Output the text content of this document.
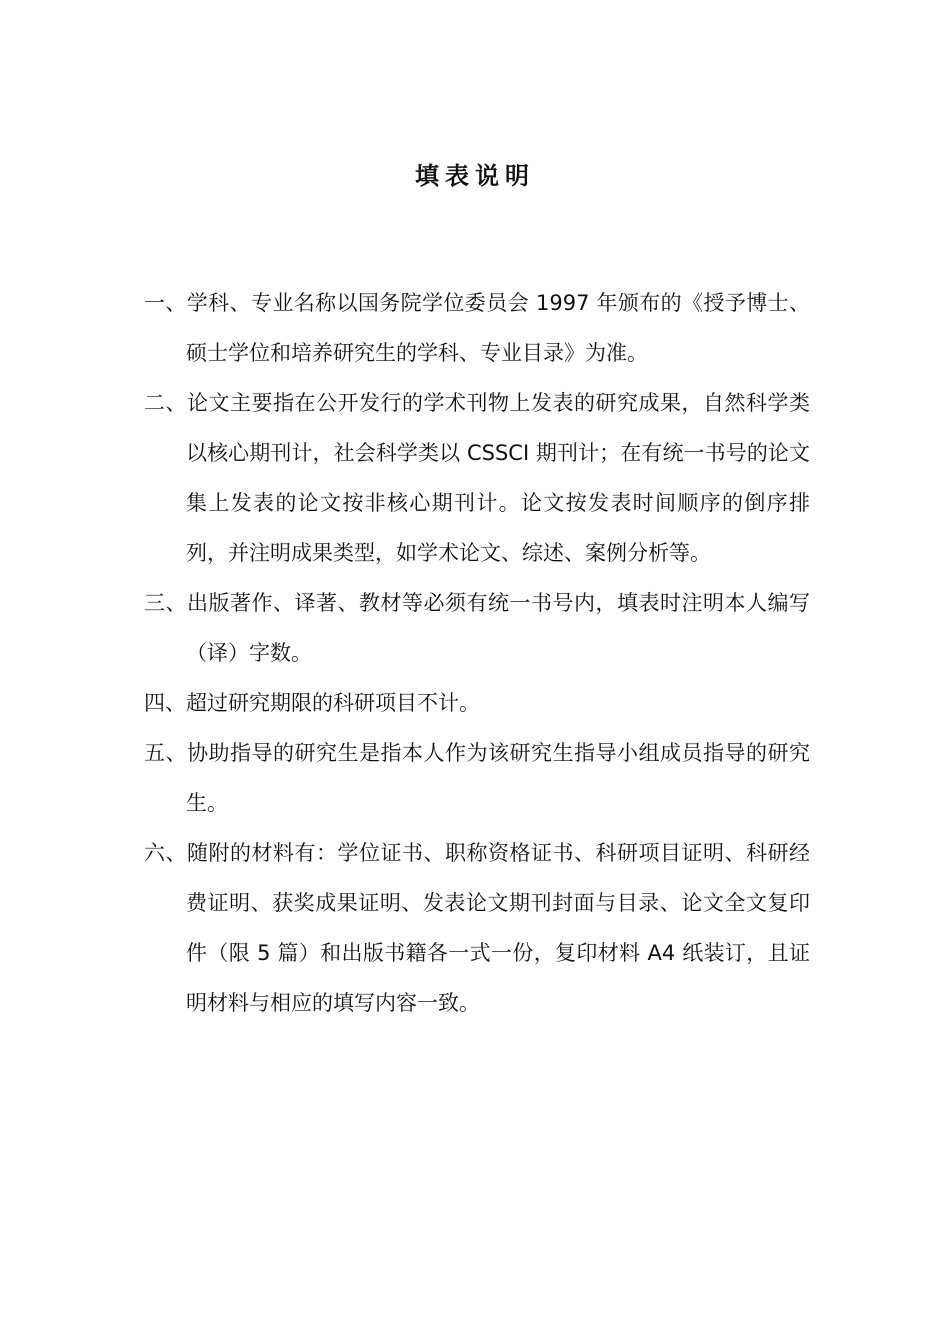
填表说明
一、学科、专业名称以国务院学位委员会 1997 年颁布的《授予博士、硕士学位和培养研究生的学科、专业目录》为准。
二、论文主要指在公开发行的学术刊物上发表的研究成果，自然科学类以核心期刊计，社会科学类以 CSSCI 期刊计；在有统一书号的论文集上发表的论文按非核心期刊计。论文按发表时间顺序的倒序排列，并注明成果类型，如学术论文、综述、案例分析等。
三、出版著作、译著、教材等必须有统一书号内，填表时注明本人编写（译）字数。
四、超过研究期限的科研项目不计。
五、协助指导的研究生是指本人作为该研究生指导小组成员指导的研究生。
六、随附的材料有：学位证书、职称资格证书、科研项目证明、科研经费证明、获奖成果证明、发表论文期刊封面与目录、论文全文复印件（限 5 篇）和出版书籍各一式一份，复印材料 A4 纸装订，且证明材料与相应的填写内容一致。
